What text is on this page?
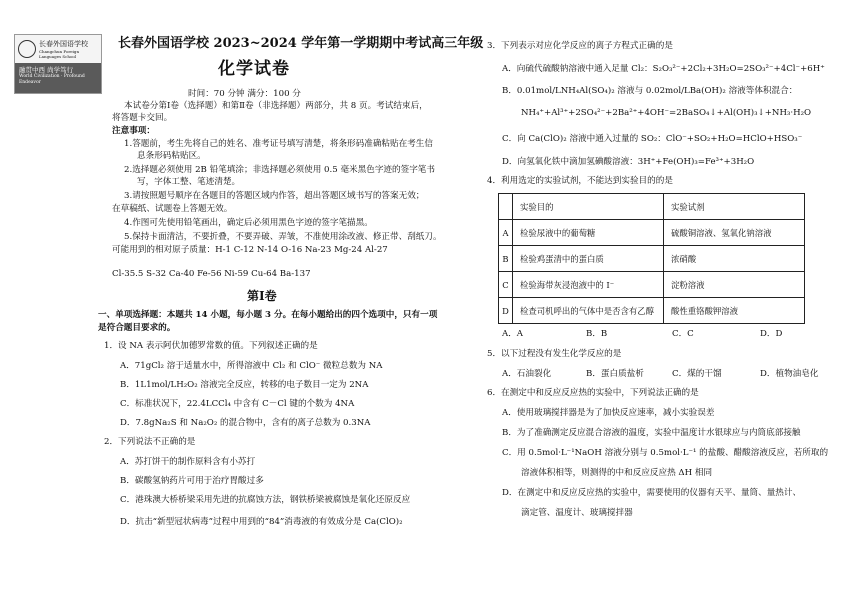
长春外国语学校
Changchun Foreign Languages School
融贯中西 尚学笃行
World Civilization · Profound Endeavor
长春外国语学校 2023~2024 学年第一学期期中考试高三年级
化学试卷
时间：70 分钟 满分：100 分
本试卷分第Ⅰ卷（选择题）和第Ⅱ卷（非选择题）两部分，共 8 页。考试结束后，
将答题卡交回。
注意事项：
1.答题前，考生先将自己的姓名、准考证号填写清楚，将条形码准确粘贴在考生信
息条形码粘贴区。
2.选择题必须使用 2B 铅笔填涂；非选择题必须使用 0.5 毫米黑色字迹的签字笔书
写，字体工整、笔迹清楚。
3.请按照题号顺序在各题目的答题区域内作答，超出答题区域书写的答案无效；
在草稿纸、试题卷上答题无效。
4.作图可先使用铅笔画出，确定后必须用黑色字迹的签字笔描黑。
5.保持卡面清洁，不要折叠，不要弄破、弄皱，不准使用涂改液、修正带、刮纸刀。
可能用到的相对原子质量：H-1 C-12 N-14 O-16 Na-23 Mg-24 Al-27
Cl-35.5 S-32 Ca-40 Fe-56 Ni-59 Cu-64 Ba-137
第Ⅰ卷
一、单项选择题：本题共 14 小题，每小题 3 分。在每小题给出的四个选项中，只有一项
是符合题目要求的。
1．设 NA 表示阿伏加德罗常数的值。下列叙述正确的是
A．71gCl₂ 溶于适量水中，所得溶液中 Cl₂ 和 ClO⁻ 微粒总数为 NA
B．1L1mol/LH₂O₂ 溶液完全反应，转移的电子数目一定为 2NA
C．标准状况下，22.4LCCl₄ 中含有 C－Cl 键的个数为 4NA
D．7.8gNa₂S 和 Na₂O₂ 的混合物中，含有的离子总数为 0.3NA
2．下列说法不正确的是
A．苏打饼干的制作原料含有小苏打
B．碳酸氢钠药片可用于治疗胃酸过多
C．港珠澳大桥桥梁采用先进的抗腐蚀方法，钢铁桥梁被腐蚀是氧化还原反应
D．抗击“新型冠状病毒”过程中用到的“84”消毒液的有效成分是 Ca(ClO)₂
3．下列表示对应化学反应的离子方程式正确的是
A．向硫代硫酸钠溶液中通入足量 Cl₂：S₂O₃²⁻+2Cl₂+3H₂O=2SO₃²⁻+4Cl⁻+6H⁺
B．0.01mol/LNH₄Al(SO₄)₂ 溶液与 0.02mol/LBa(OH)₂ 溶液等体积混合：
NH₄⁺+Al³⁺+2SO₄²⁻+2Ba²⁺+4OH⁻=2BaSO₄↓+Al(OH)₃↓+NH₃·H₂O
C．向 Ca(ClO)₂ 溶液中通入过量的 SO₂：ClO⁻+SO₂+H₂O=HClO+HSO₃⁻
D．向氢氧化铁中滴加氢碘酸溶液：3H⁺+Fe(OH)₃=Fe³⁺+3H₂O
4．利用选定的实验试剂，不能达到实验目的的是
	实验目的	实验试剂
A	检验尿液中的葡萄糖	硫酸铜溶液、氢氧化钠溶液
B	检验鸡蛋清中的蛋白质	浓硝酸
C	检验海带灰浸泡液中的 I⁻	淀粉溶液
D	检查司机呼出的气体中是否含有乙醇	酸性重铬酸钾溶液
A．A	B．B	C．C	D．D
5．以下过程没有发生化学反应的是
A．石油裂化	B．蛋白质盐析	C．煤的干馏	D．植物油皂化
6．在测定中和反应反应热的实验中，下列说法正确的是
A．使用玻璃搅拌器是为了加快反应速率，减小实验误差
B．为了准确测定反应混合溶液的温度，实验中温度计水银球应与内筒底部接触
C．用 0.5mol·L⁻¹NaOH 溶液分别与 0.5mol·L⁻¹ 的盐酸、醋酸溶液反应，若所取的
溶液体积相等，则测得的中和反应反应热 ΔH 相同
D．在测定中和反应反应热的实验中，需要使用的仪器有天平、量筒、量热计、
滴定管、温度计、玻璃搅拌器
